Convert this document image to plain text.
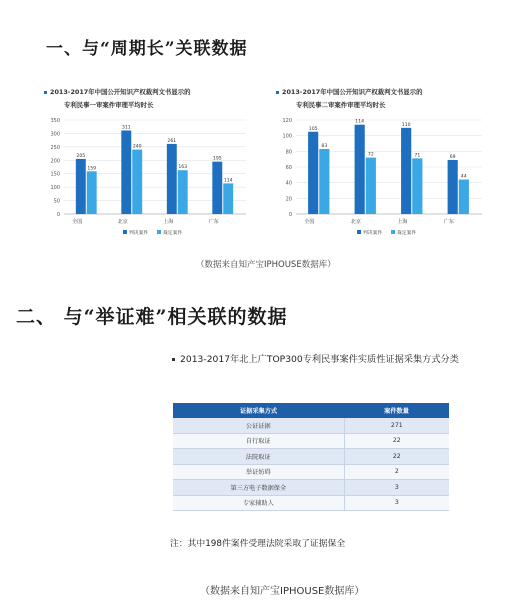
一、与“周期长”关联数据
2013-2017年中国公开知识产权裁判文书显示的
专利民事一审案件审理平均时长
0
50
100
150
200
250
300
350
205
159
全国
311
240
北京
261
163
上海
195
114
广东
判决案件	裁定案件
2013-2017年中国公开知识产权裁判文书显示的
专利民事二审案件审理平均时长
0
20
40
60
80
100
120
105
83
全国
114
72
北京
110
71
上海
69
44
广东
判决案件	裁定案件
（数据来自知产宝IPHOUSE数据库）
二、 与“举证难”相关联的数据
2013-2017年北上广TOP300专利民事案件实质性证据采集方式分类
证据采集方式	案件数量
公证证据	271
自行取证	22
法院取证	22
举证妨碍	2
第三方电子数据保全	3
专家辅助人	3
注：其中198件案件受理法院采取了证据保全
（数据来自知产宝IPHOUSE数据库）
